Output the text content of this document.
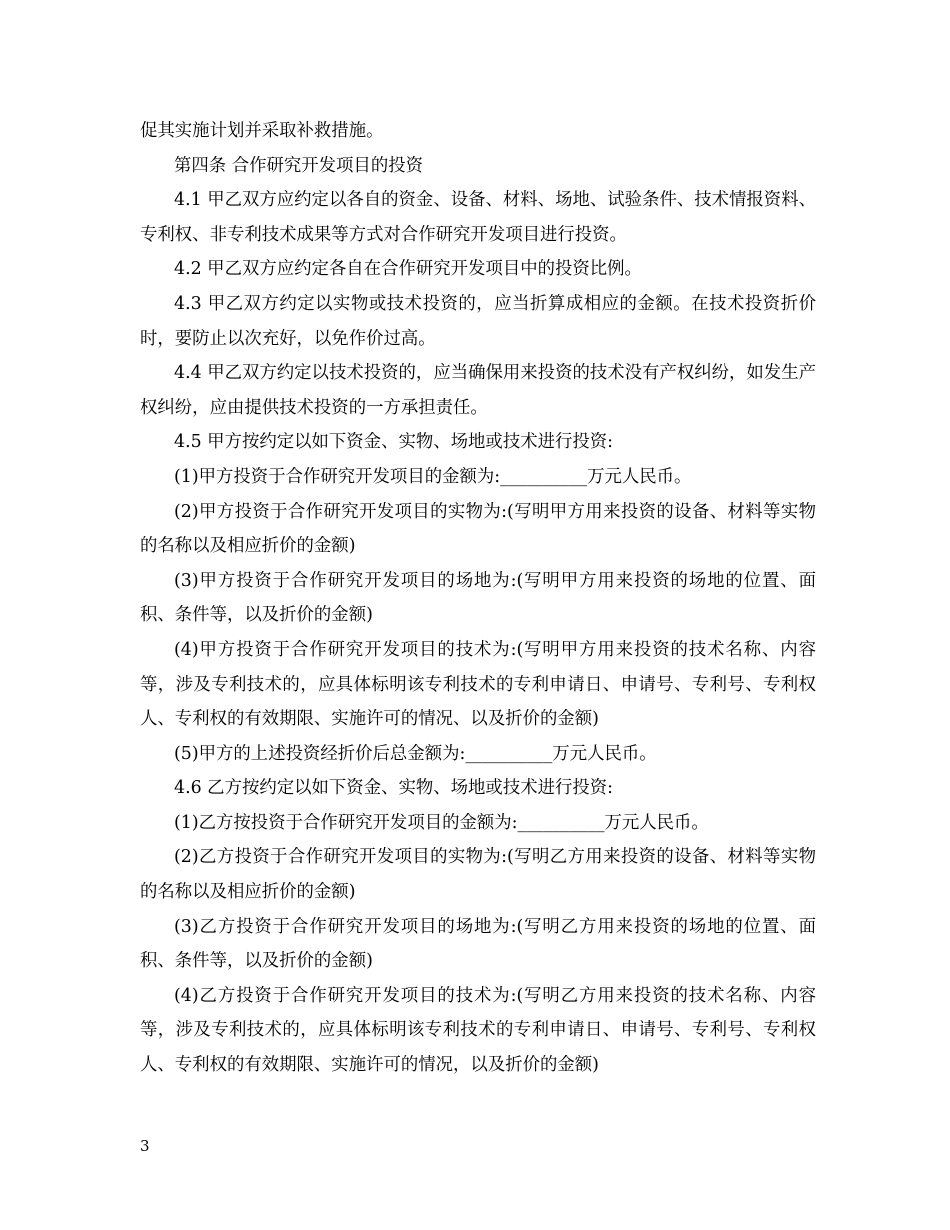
促其实施计划并采取补救措施。

第四条 合作研究开发项目的投资

4.1 甲乙双方应约定以各自的资金、设备、材料、场地、试验条件、技术情报资料、专利权、非专利技术成果等方式对合作研究开发项目进行投资。

4.2 甲乙双方应约定各自在合作研究开发项目中的投资比例。

4.3 甲乙双方约定以实物或技术投资的，应当折算成相应的金额。在技术投资折价时，要防止以次充好，以免作价过高。

4.4 甲乙双方约定以技术投资的，应当确保用来投资的技术没有产权纠纷，如发生产权纠纷，应由提供技术投资的一方承担责任。

4.5 甲方按约定以如下资金、实物、场地或技术进行投资:

(1)甲方投资于合作研究开发项目的金额为:__________万元人民币。

(2)甲方投资于合作研究开发项目的实物为:(写明甲方用来投资的设备、材料等实物的名称以及相应折价的金额)

(3)甲方投资于合作研究开发项目的场地为:(写明甲方用来投资的场地的位置、面积、条件等，以及折价的金额)

(4)甲方投资于合作研究开发项目的技术为:(写明甲方用来投资的技术名称、内容等，涉及专利技术的，应具体标明该专利技术的专利申请日、申请号、专利号、专利权人、专利权的有效期限、实施许可的情况、以及折价的金额)

(5)甲方的上述投资经折价后总金额为:__________万元人民币。

4.6 乙方按约定以如下资金、实物、场地或技术进行投资:

(1)乙方按投资于合作研究开发项目的金额为:__________万元人民币。

(2)乙方投资于合作研究开发项目的实物为:(写明乙方用来投资的设备、材料等实物的名称以及相应折价的金额)

(3)乙方投资于合作研究开发项目的场地为:(写明乙方用来投资的场地的位置、面积、条件等，以及折价的金额)

(4)乙方投资于合作研究开发项目的技术为:(写明乙方用来投资的技术名称、内容等，涉及专利技术的，应具体标明该专利技术的专利申请日、申请号、专利号、专利权人、专利权的有效期限、实施许可的情况，以及折价的金额)

3
